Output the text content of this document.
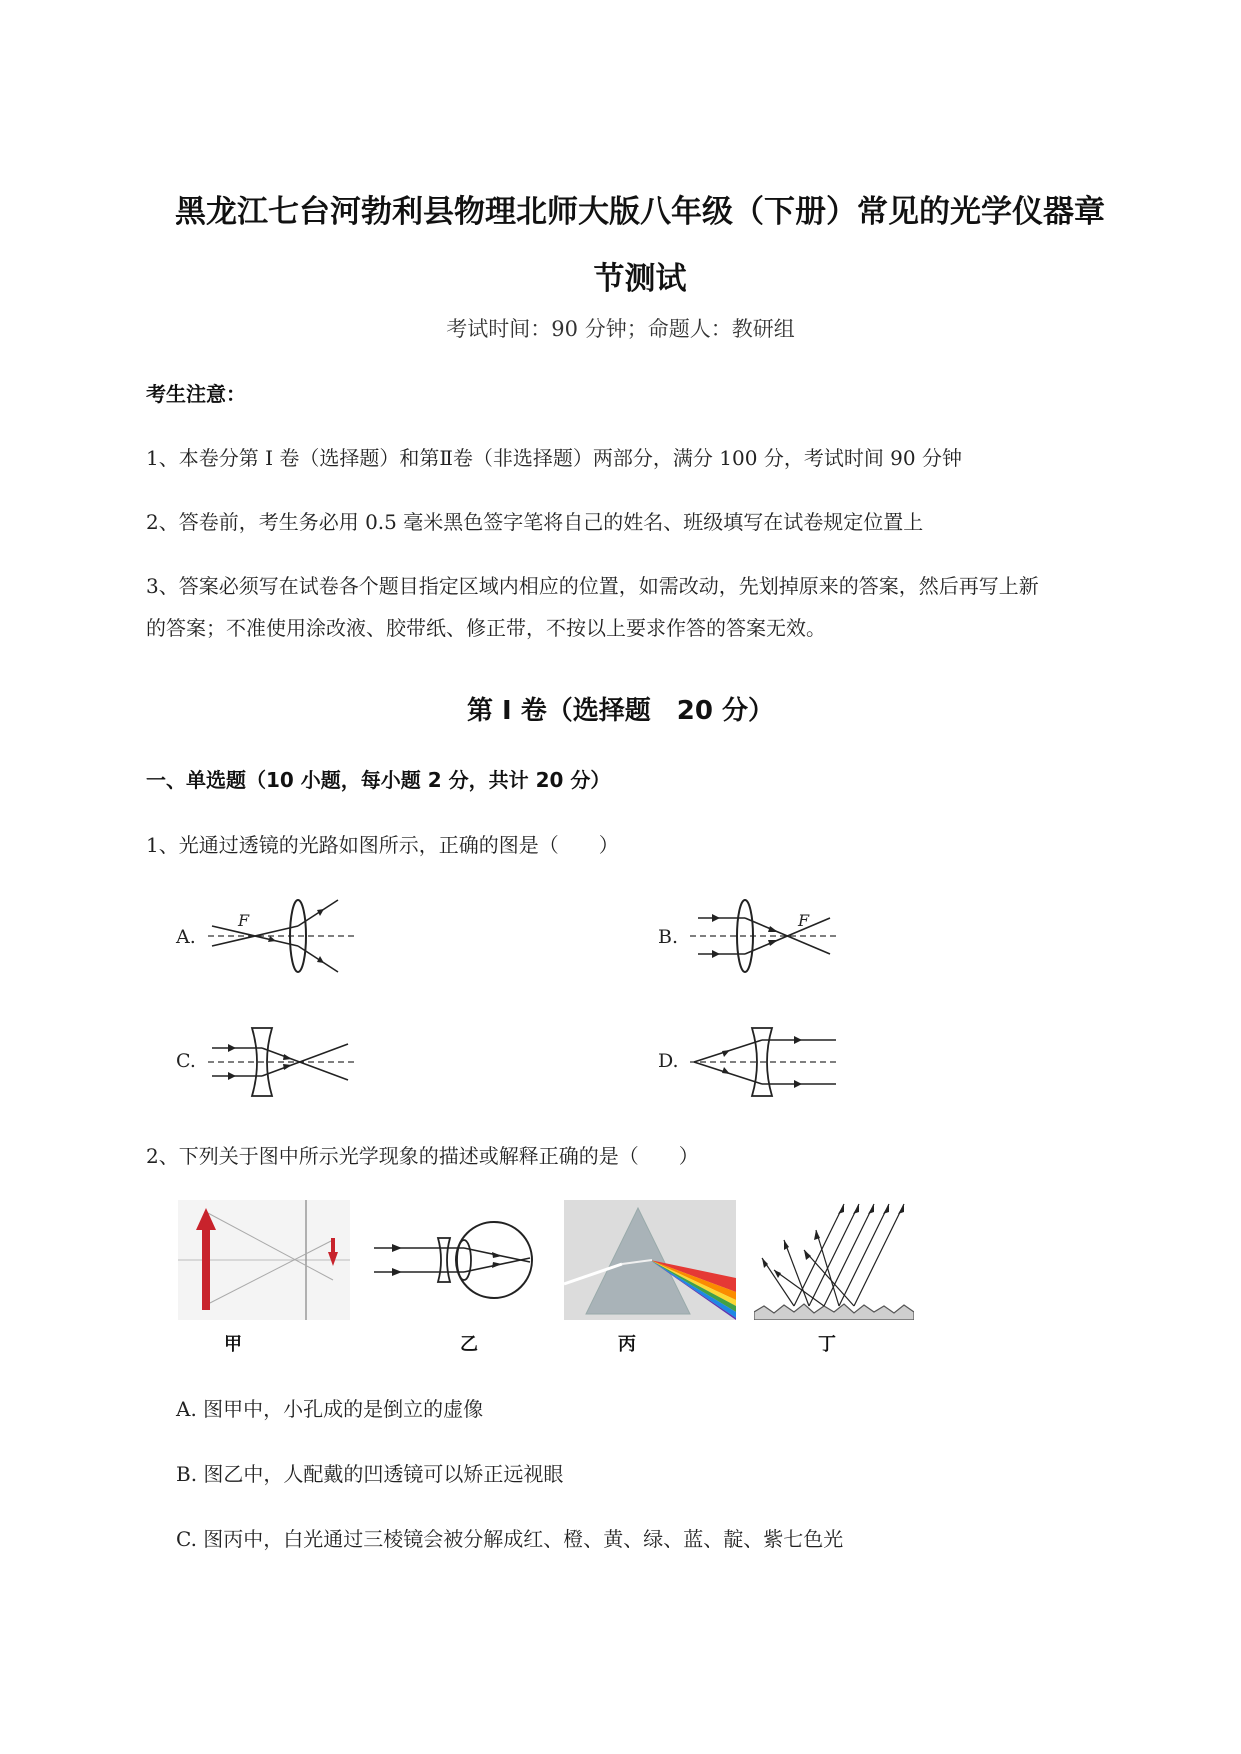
黑龙江七台河勃利县物理北师大版八年级（下册）常见的光学仪器章
节测试
考试时间：90 分钟；命题人：教研组
考生注意：
1、本卷分第 I 卷（选择题）和第Ⅱ卷（非选择题）两部分，满分 100 分，考试时间 90 分钟
2、答卷前，考生务必用 0.5 毫米黑色签字笔将自己的姓名、班级填写在试卷规定位置上
3、答案必须写在试卷各个题目指定区域内相应的位置，如需改动，先划掉原来的答案，然后再写上新
的答案；不准使用涂改液、胶带纸、修正带，不按以上要求作答的答案无效。
第 I 卷（选择题　20 分）
一、单选题（10 小题，每小题 2 分，共计 20 分）
1、光通过透镜的光路如图所示，正确的图是（　　）
A.
F
B.
F
C.	D.
2、下列关于图中所示光学现象的描述或解释正确的是（　　）
甲	乙	丙	丁
A. 图甲中，小孔成的是倒立的虚像
B. 图乙中，人配戴的凹透镜可以矫正远视眼
C. 图丙中，白光通过三棱镜会被分解成红、橙、黄、绿、蓝、靛、紫七色光
